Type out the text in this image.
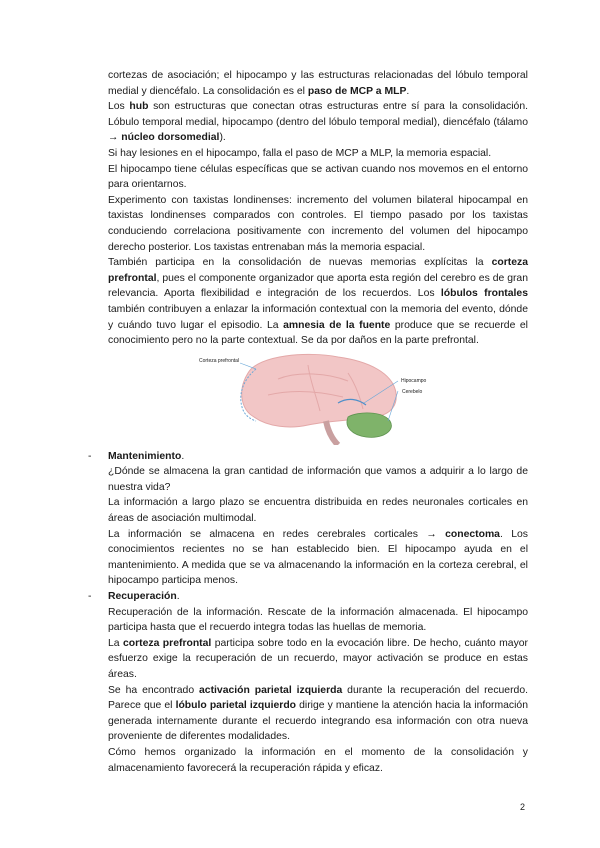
cortezas de asociación; el hipocampo y las estructuras relacionadas del lóbulo temporal medial y diencéfalo. La consolidación es el paso de MCP a MLP.

Los hub son estructuras que conectan otras estructuras entre sí para la consolidación. Lóbulo temporal medial, hipocampo (dentro del lóbulo temporal medial), diencéfalo (tálamo → núcleo dorsomedial).

Si hay lesiones en el hipocampo, falla el paso de MCP a MLP, la memoria espacial.

El hipocampo tiene células específicas que se activan cuando nos movemos en el entorno para orientarnos.

Experimento con taxistas londinenses: incremento del volumen bilateral hipocampal en taxistas londinenses comparados con controles. El tiempo pasado por los taxistas conduciendo correlaciona positivamente con incremento del volumen del hipocampo derecho posterior. Los taxistas entrenaban más la memoria espacial.

También participa en la consolidación de nuevas memorias explícitas la corteza prefrontal, pues el componente organizador que aporta esta región del cerebro es de gran relevancia. Aporta flexibilidad e integración de los recuerdos. Los lóbulos frontales también contribuyen a enlazar la información contextual con la memoria del evento, dónde y cuándo tuvo lugar el episodio. La amnesia de la fuente produce que se recuerde el conocimiento pero no la parte contextual. Se da por daños en la parte prefrontal.

Corteza prefrontal
Hipocampo
Cerebelo
- Mantenimiento.

¿Dónde se almacena la gran cantidad de información que vamos a adquirir a lo largo de nuestra vida?

La información a largo plazo se encuentra distribuida en redes neuronales corticales en áreas de asociación multimodal.

La información se almacena en redes cerebrales corticales → conectoma. Los conocimientos recientes no se han establecido bien. El hipocampo ayuda en el mantenimiento. A medida que se va almacenando la información en la corteza cerebral, el hipocampo participa menos.

- Recuperación.

Recuperación de la información. Rescate de la información almacenada. El hipocampo participa hasta que el recuerdo integra todas las huellas de memoria.

La corteza prefrontal participa sobre todo en la evocación libre. De hecho, cuánto mayor esfuerzo exige la recuperación de un recuerdo, mayor activación se produce en estas áreas.

Se ha encontrado activación parietal izquierda durante la recuperación del recuerdo. Parece que el lóbulo parietal izquierdo dirige y mantiene la atención hacia la información generada internamente durante el recuerdo integrando esa información con otra nueva proveniente de diferentes modalidades.

Cómo hemos organizado la información en el momento de la consolidación y almacenamiento favorecerá la recuperación rápida y eficaz.

2
